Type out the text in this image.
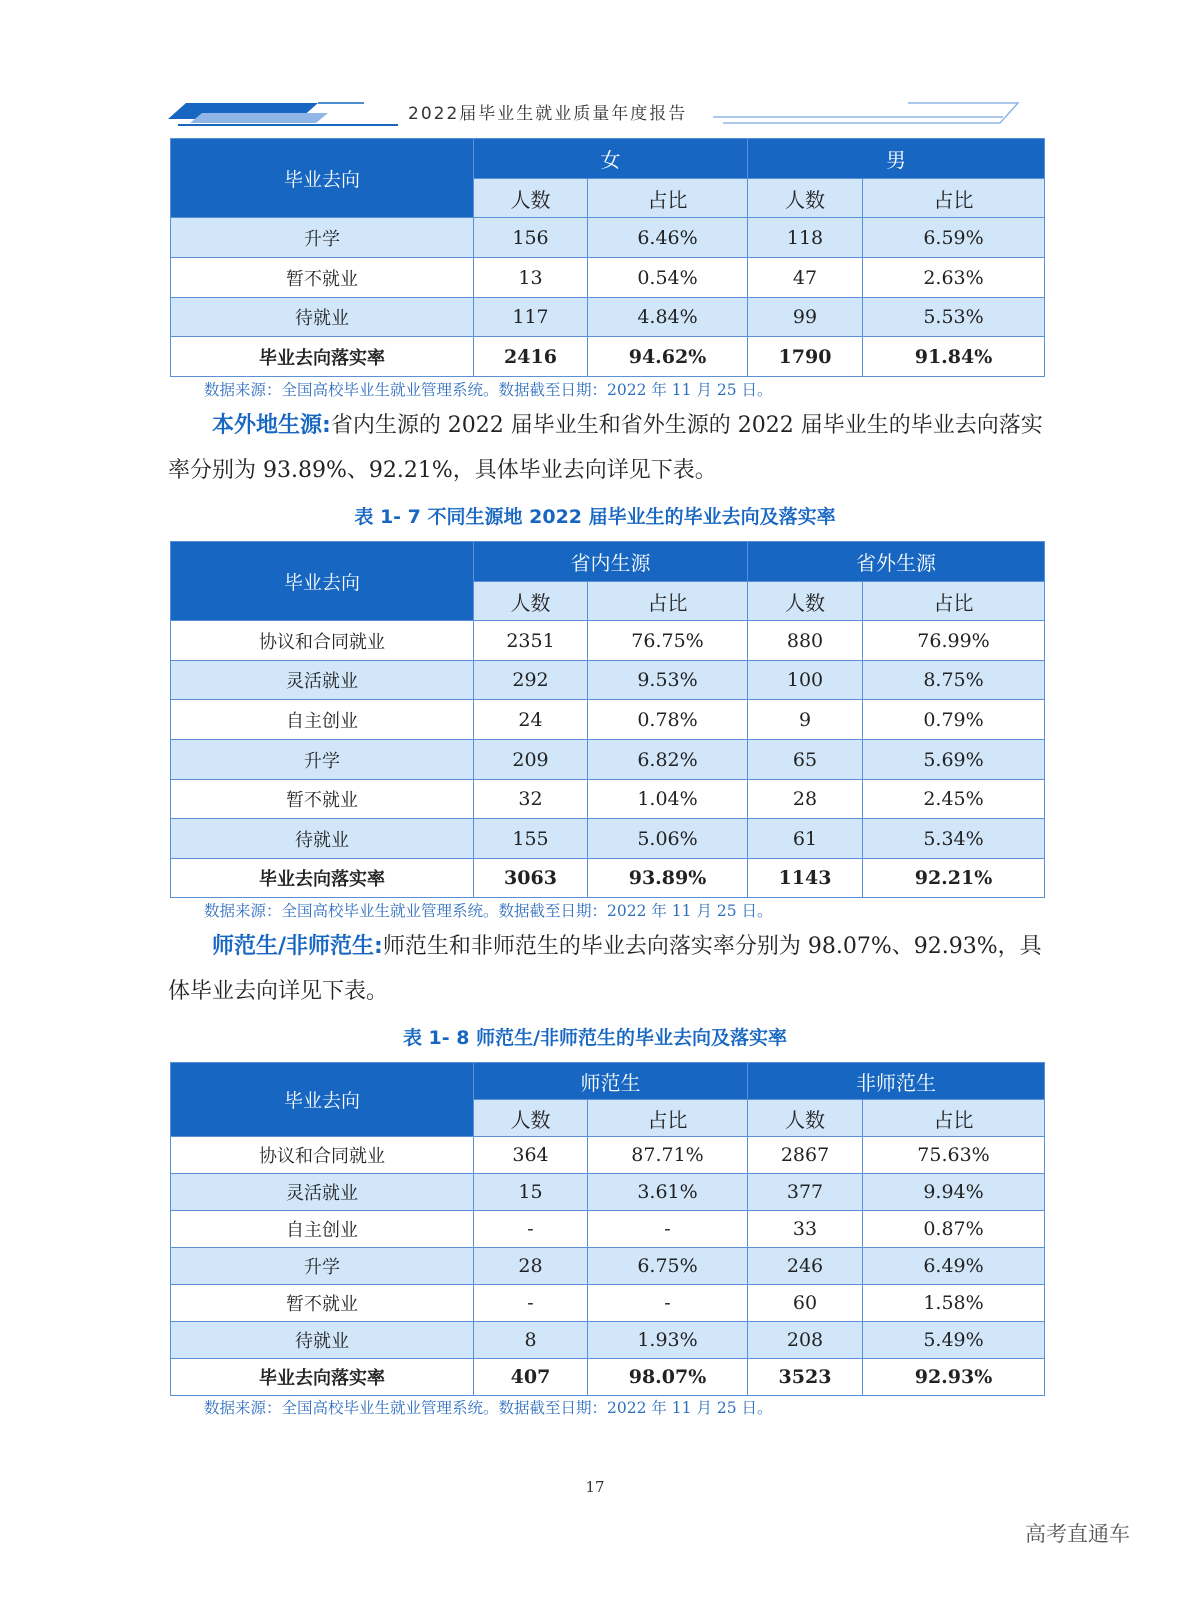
2022届毕业生就业质量年度报告
毕业去向	女		男	
	人数	占比	人数	占比
升学	156	6.46%	118	6.59%
暂不就业	13	0.54%	47	2.63%
待就业	117	4.84%	99	5.53%
毕业去向落实率	2416	94.62%	1790	91.84%
数据来源：全国高校毕业生就业管理系统。数据截至日期：2022 年 11 月 25 日。
本外地生源:省内生源的 2022 届毕业生和省外生源的 2022 届毕业生的毕业去向落实率分别为 93.89%、92.21%，具体毕业去向详见下表。
表 1- 7 不同生源地 2022 届毕业生的毕业去向及落实率
毕业去向	省内生源		省外生源	
	人数	占比	人数	占比
协议和合同就业	2351	76.75%	880	76.99%
灵活就业	292	9.53%	100	8.75%
自主创业	24	0.78%	9	0.79%
升学	209	6.82%	65	5.69%
暂不就业	32	1.04%	28	2.45%
待就业	155	5.06%	61	5.34%
毕业去向落实率	3063	93.89%	1143	92.21%
数据来源：全国高校毕业生就业管理系统。数据截至日期：2022 年 11 月 25 日。
师范生/非师范生:师范生和非师范生的毕业去向落实率分别为 98.07%、92.93%，具体毕业去向详见下表。
表 1- 8 师范生/非师范生的毕业去向及落实率
毕业去向	师范生		非师范生	
	人数	占比	人数	占比
协议和合同就业	364	87.71%	2867	75.63%
灵活就业	15	3.61%	377	9.94%
自主创业	-	-	33	0.87%
升学	28	6.75%	246	6.49%
暂不就业	-	-	60	1.58%
待就业	8	1.93%	208	5.49%
毕业去向落实率	407	98.07%	3523	92.93%
数据来源：全国高校毕业生就业管理系统。数据截至日期：2022 年 11 月 25 日。
17
高考直通车
